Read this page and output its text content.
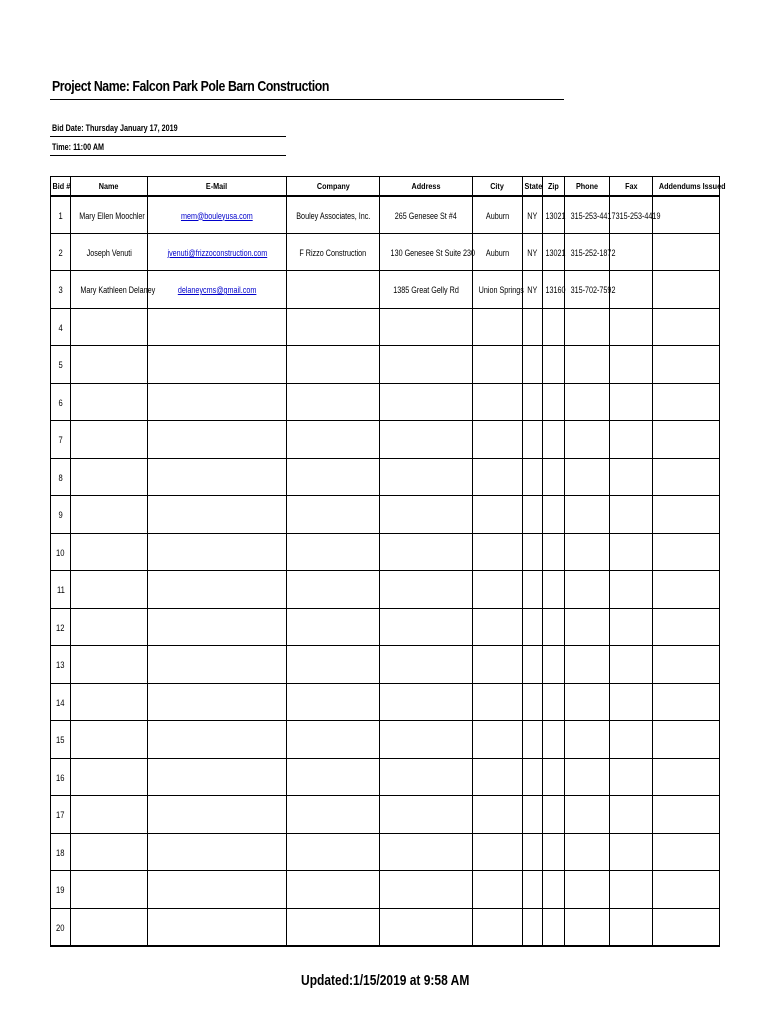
Project Name: Falcon Park Pole Barn Construction
Bid Date: Thursday January 17, 2019
Time: 11:00 AM
Bid #	Name	E-Mail	Company	Address	City	State	Zip	Phone	Fax	Addendums Issued
1	Mary Ellen Moochler	mem@bouleyusa.com	Bouley Associates, Inc.	265 Genesee St #4	Auburn	NY	13021	315-253-4417	315-253-4419	
2	Joseph Venuti	jvenuti@frizzoconstruction.com	F Rizzo Construction	130 Genesee St Suite 230	Auburn	NY	13021	315-252-1872		
3	Mary Kathleen Delaney	delaneycms@gmail.com		1385 Great Gelly Rd	Union Springs	NY	13160	315-702-7592		
4										
5										
6										
7										
8										
9										
10										
11										
12										
13										
14										
15										
16										
17										
18										
19										
20										
Updated:1/15/2019 at 9:58 AM
